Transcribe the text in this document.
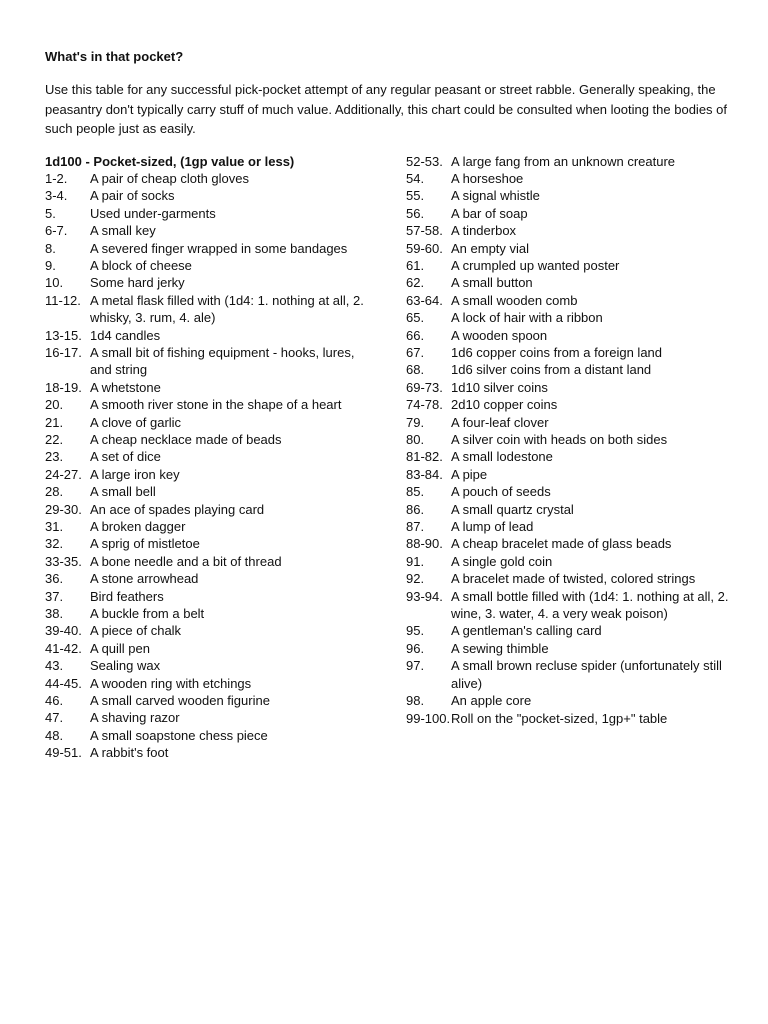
What's in that pocket?
Use this table for any successful pick-pocket attempt of any regular peasant or street rabble. Generally speaking, the peasantry don't typically carry stuff of much value. Additionally, this chart could be consulted when looting the bodies of such people just as easily.
1d100 - Pocket-sized, (1gp value or less)
1-2.	A pair of cheap cloth gloves
3-4.	A pair of socks
5.	Used under-garments
6-7.	A small key
8.	A severed finger wrapped in some bandages
9.	A block of cheese
10.	Some hard jerky
11-12. A metal flask filled with (1d4: 1. nothing at all, 2. whisky, 3. rum, 4. ale)
13-15. 1d4 candles
16-17. A small bit of fishing equipment - hooks, lures, and string
18-19. A whetstone
20.	A smooth river stone in the shape of a heart
21.	A clove of garlic
22.	A cheap necklace made of beads
23.	A set of dice
24-27. A large iron key
28.	A small bell
29-30. An ace of spades playing card
31.	A broken dagger
32.	A sprig of mistletoe
33-35. A bone needle and a bit of thread
36.	A stone arrowhead
37.	Bird feathers
38.	A buckle from a belt
39-40. A piece of chalk
41-42. A quill pen
43.	Sealing wax
44-45. A wooden ring with etchings
46.	A small carved wooden figurine
47.	A shaving razor
48.	A small soapstone chess piece
49-51. A rabbit's foot
52-53. A large fang from an unknown creature
54.	A horseshoe
55.	A signal whistle
56.	A bar of soap
57-58. A tinderbox
59-60. An empty vial
61.	A crumpled up wanted poster
62.	A small button
63-64. A small wooden comb
65.	A lock of hair with a ribbon
66.	A wooden spoon
67.	1d6 copper coins from a foreign land
68.	1d6 silver coins from a distant land
69-73. 1d10 silver coins
74-78. 2d10 copper coins
79.	A four-leaf clover
80.	A silver coin with heads on both sides
81-82. A small lodestone
83-84. A pipe
85.	A pouch of seeds
86.	A small quartz crystal
87.	A lump of lead
88-90. A cheap bracelet made of glass beads
91.	A single gold coin
92.	A bracelet made of twisted, colored strings
93-94. A small bottle filled with (1d4: 1. nothing at all, 2. wine, 3. water, 4. a very weak poison)
95.	A gentleman's calling card
96.	A sewing thimble
97.	A small brown recluse spider (unfortunately still alive)
98.	An apple core
99-100. Roll on the "pocket-sized, 1gp+" table
